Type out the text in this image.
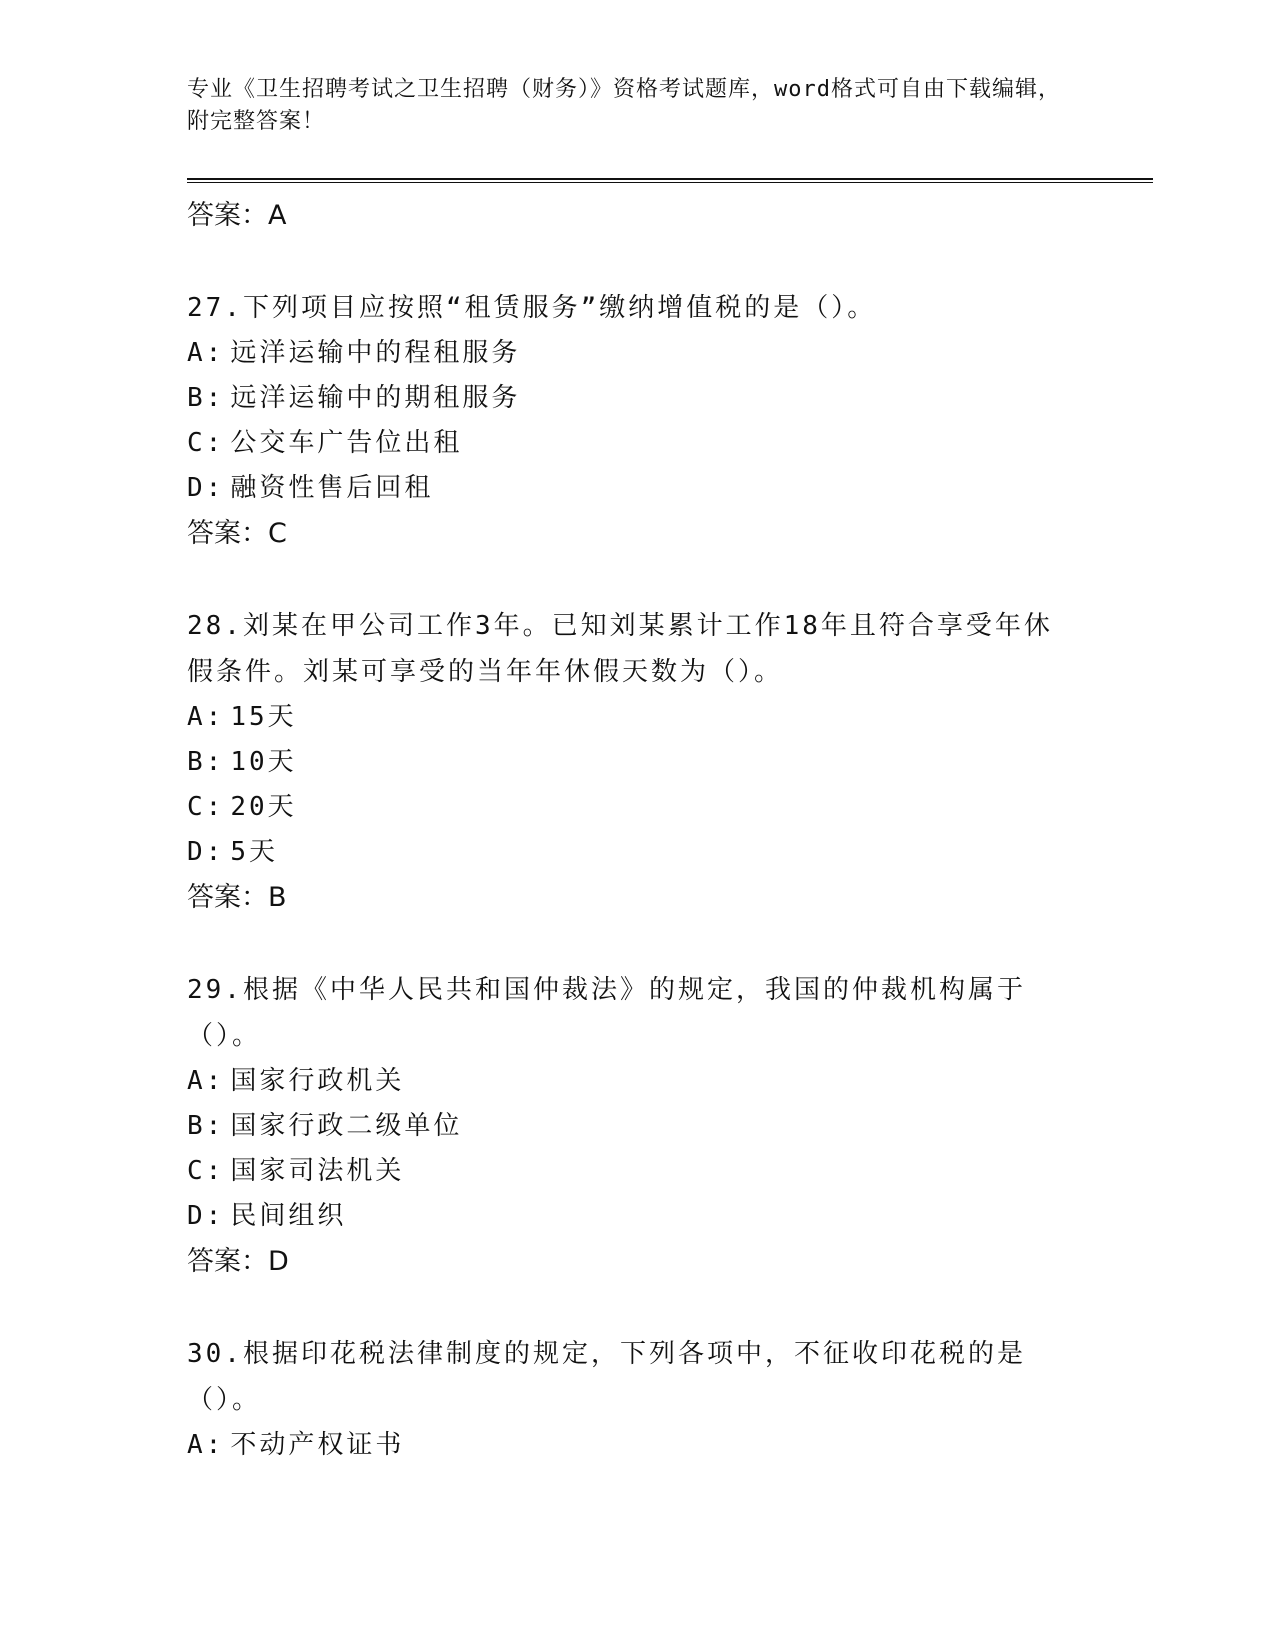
专业《卫生招聘考试之卫生招聘（财务）》资格考试题库，word格式可自由下载编辑，附完整答案！
答案：A
27.下列项目应按照“租赁服务”缴纳增值税的是（）。
A: 远洋运输中的程租服务
B: 远洋运输中的期租服务
C: 公交车广告位出租
D: 融资性售后回租
答案：C
28.刘某在甲公司工作3年。已知刘某累计工作18年且符合享受年休假条件。刘某可享受的当年年休假天数为（）。
A: 15天
B: 10天
C: 20天
D: 5天
答案：B
29.根据《中华人民共和国仲裁法》的规定，我国的仲裁机构属于（）。
A: 国家行政机关
B: 国家行政二级单位
C: 国家司法机关
D: 民间组织
答案：D
30.根据印花税法律制度的规定，下列各项中，不征收印花税的是（）。
A: 不动产权证书
